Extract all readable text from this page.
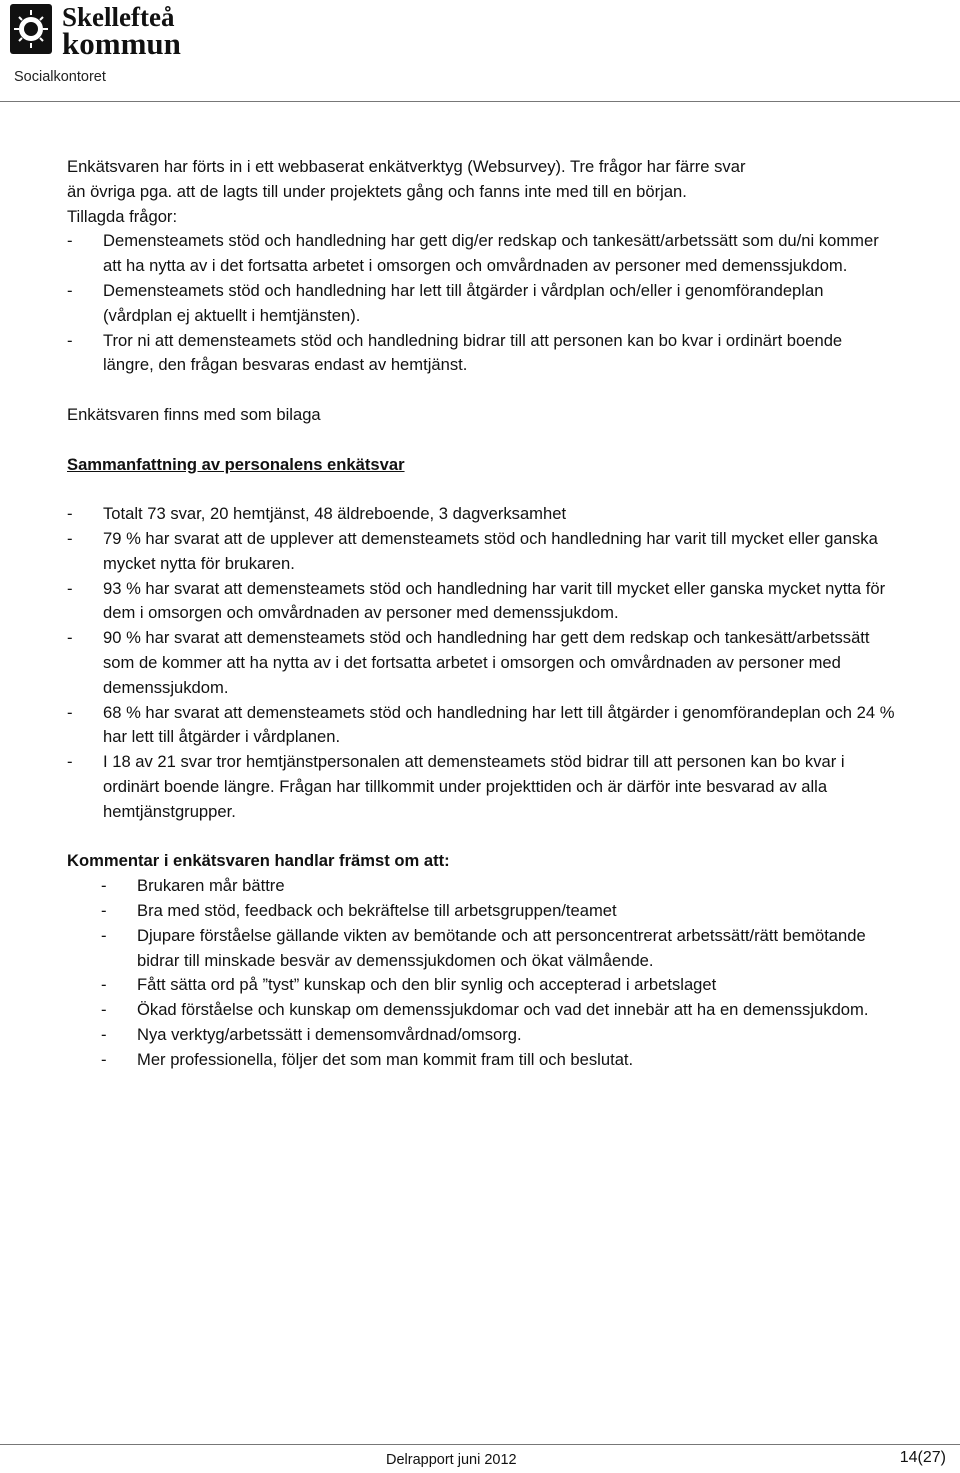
Skellefteå
kommun
Socialkontoret

Enkätsvaren har förts in i ett webbaserat enkätverktyg (Websurvey). Tre frågor har färre svar

än övriga pga. att de lagts till under projektets gång och fanns inte med till en början.

Tillagda frågor:

- Demensteamets stöd och handledning har gett dig/er redskap och tankesätt/arbetssätt som du/ni kommer att ha nytta av i det fortsatta arbetet i omsorgen och omvårdnaden av personer med demenssjukdom.
- Demensteamets stöd och handledning har lett till åtgärder i vårdplan och/eller i genomförandeplan (vårdplan ej aktuellt i hemtjänsten).
- Tror ni att demensteamets stöd och handledning bidrar till att personen kan bo kvar i ordinärt boende längre, den frågan besvaras endast av hemtjänst.

Enkätsvaren finns med som bilaga

Sammanfattning av personalens enkätsvar

- Totalt 73 svar, 20 hemtjänst, 48 äldreboende, 3 dagverksamhet
- 79 % har svarat att de upplever att demensteamets stöd och handledning har varit till mycket eller ganska mycket nytta för brukaren.
- 93 % har svarat att demensteamets stöd och handledning har varit till mycket eller ganska mycket nytta för dem i omsorgen och omvårdnaden av personer med demenssjukdom.
- 90 % har svarat att demensteamets stöd och handledning har gett dem redskap och tankesätt/arbetssätt som de kommer att ha nytta av i det fortsatta arbetet i omsorgen och omvårdnaden av personer med demenssjukdom.
- 68 % har svarat att demensteamets stöd och handledning har lett till åtgärder i genomförandeplan och 24 % har lett till åtgärder i vårdplanen.
- I 18 av 21 svar tror hemtjänstpersonalen att demensteamets stöd bidrar till att personen kan bo kvar i ordinärt boende längre. Frågan har tillkommit under projekttiden och är därför inte besvarad av alla hemtjänstgrupper.

Kommentar i enkätsvaren handlar främst om att:

- Brukaren mår bättre
- Bra med stöd, feedback och bekräftelse till arbetsgruppen/teamet
- Djupare förståelse gällande vikten av bemötande och att personcentrerat arbetssätt/rätt bemötande bidrar till minskade besvär av demenssjukdomen och ökat välmående.
- Fått sätta ord på ”tyst” kunskap och den blir synlig och accepterad i arbetslaget
- Ökad förståelse och kunskap om demenssjukdomar och vad det innebär att ha en demenssjukdom.
- Nya verktyg/arbetssätt i demensomvårdnad/omsorg.
- Mer professionella, följer det som man kommit fram till och beslutat.
Delrapport juni 2012	14(27)
